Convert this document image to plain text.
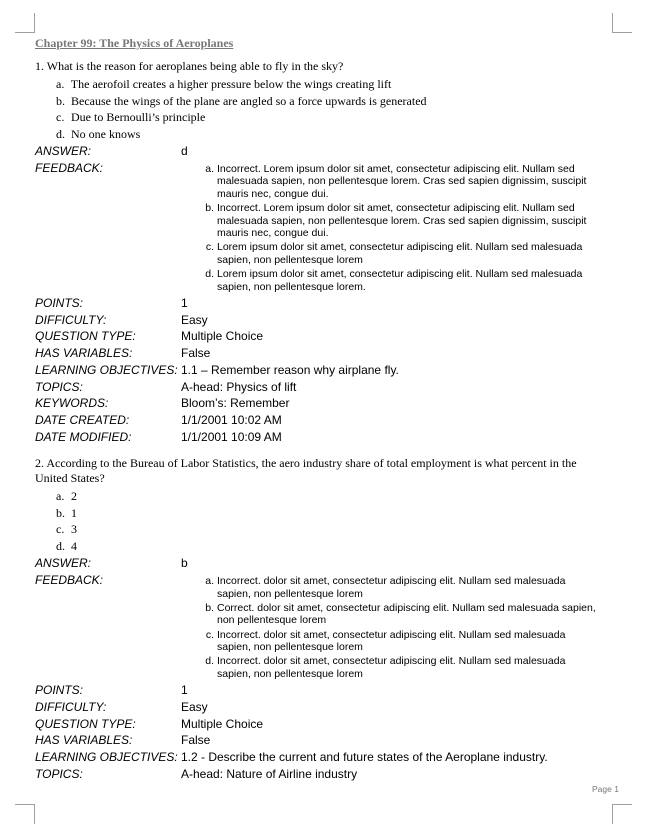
Chapter 99: The Physics of Aeroplanes
1. What is the reason for aeroplanes being able to fly in the sky?
a. The aerofoil creates a higher pressure below the wings creating lift
b. Because the wings of the plane are angled so a force upwards is generated
c. Due to Bernoulli’s principle
d. No one knows
ANSWER:	d
FEEDBACK:	a. Incorrect. Lorem ipsum dolor sit amet, consectetur adipiscing elit. Nullam sed malesuada sapien, non pellentesque lorem. Cras sed sapien dignissim, suscipit mauris nec, congue dui.
b. Incorrect. Lorem ipsum dolor sit amet, consectetur adipiscing elit. Nullam sed malesuada sapien, non pellentesque lorem. Cras sed sapien dignissim, suscipit mauris nec, congue dui.
c. Lorem ipsum dolor sit amet, consectetur adipiscing elit. Nullam sed malesuada sapien, non pellentesque lorem
d. Lorem ipsum dolor sit amet, consectetur adipiscing elit. Nullam sed malesuada sapien, non pellentesque lorem.
POINTS:	1
DIFFICULTY:	Easy
QUESTION TYPE:	Multiple Choice
HAS VARIABLES:	False
LEARNING OBJECTIVES: 1.1 – Remember reason why airplane fly.
TOPICS:	A-head: Physics of lift
KEYWORDS:	Bloom’s: Remember
DATE CREATED:	1/1/2001 10:02 AM
DATE MODIFIED:	1/1/2001 10:09 AM
2. According to the Bureau of Labor Statistics, the aero industry share of total employment is what percent in the United States?
a. 2
b. 1
c. 3
d. 4
ANSWER:	b
FEEDBACK:	a. Incorrect. dolor sit amet, consectetur adipiscing elit. Nullam sed malesuada sapien, non pellentesque lorem
b. Correct. dolor sit amet, consectetur adipiscing elit. Nullam sed malesuada sapien, non pellentesque lorem
c. Incorrect. dolor sit amet, consectetur adipiscing elit. Nullam sed malesuada sapien, non pellentesque lorem
d. Incorrect. dolor sit amet, consectetur adipiscing elit. Nullam sed malesuada sapien, non pellentesque lorem
POINTS:	1
DIFFICULTY:	Easy
QUESTION TYPE:	Multiple Choice
HAS VARIABLES:	False
LEARNING OBJECTIVES: 1.2 - Describe the current and future states of the Aeroplane industry.
TOPICS:	A-head: Nature of Airline industry
Page 1
